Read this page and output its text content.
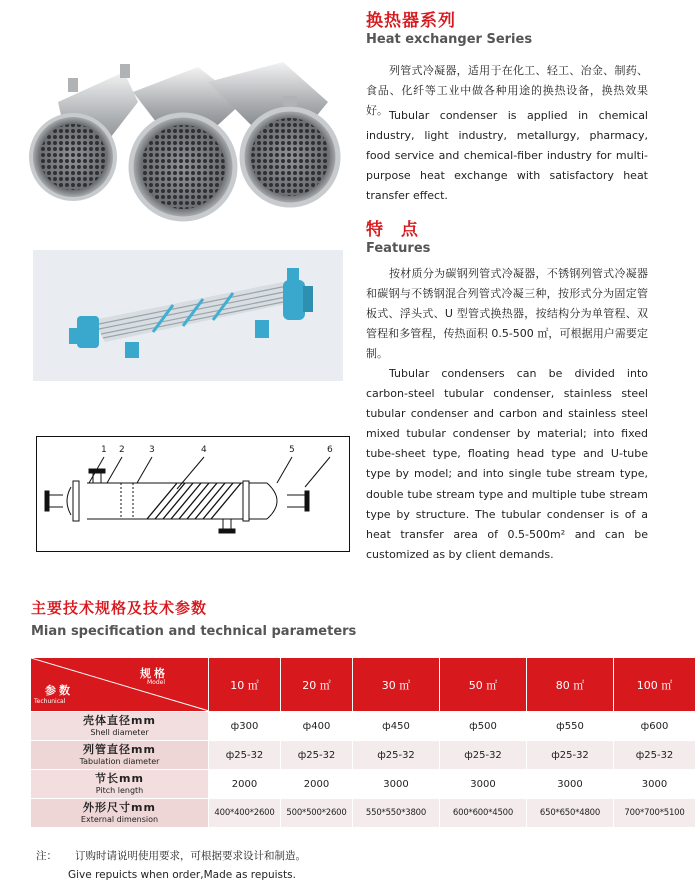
换热器系列
Heat exchanger Series
列管式冷凝器，适用于在化工、轻工、冶金、制药、食品、化纤等工业中做各种用途的换热设备，换热效果好。 Tubular condenser is applied in chemical industry, light industry, metallurgy, pharmacy, food service and chemical-fiber industry for multi-purpose heat exchange with satisfactory heat transfer effect.
1 2	3	4	5	6
特 点
Features
按材质分为碳钢列管式冷凝器，不锈钢列管式冷凝器和碳钢与不锈钢混合列管式冷凝三种，按形式分为固定管板式、浮头式、U 型管式换热器，按结构分为单管程、双管程和多管程，传热面积 0.5-500 ㎡，可根据用户需要定制。
Tubular condensers can be divided into carbon-steel tubular condenser, stainless steel tubular condenser and carbon and stainless steel mixed tubular condenser by material; into fixed tube-sheet type, floating head type and U-tube type by model; and into single tube stream type, double tube stream type and multiple tube stream type by structure. The tubular condenser is of a heat transfer area of 0.5-500m² and can be customized as by client demands.
主要技术规格及技术参数
Mian specification and technical parameters
规格
Model
参数
Techunical	10 ㎡	20 ㎡	30 ㎡	50 ㎡	80 ㎡	100 ㎡

壳体直径mm
Shell diameter	ф300	ф400	ф450	ф500	ф550	ф600

列管直径mm
Tabulation diameter	ф25-32	ф25-32	ф25-32	ф25-32	ф25-32	ф25-32

节长mm
Pitch length	2000	2000	3000	3000	3000	3000

外形尺寸mm
External dimension	400*400*2600	500*500*2600	550*550*3800	600*600*4500	650*650*4800	700*700*5100
注： 订购时请说明使用要求，可根据要求设计和制造。
Give repuicts when order,Made as repuists.
